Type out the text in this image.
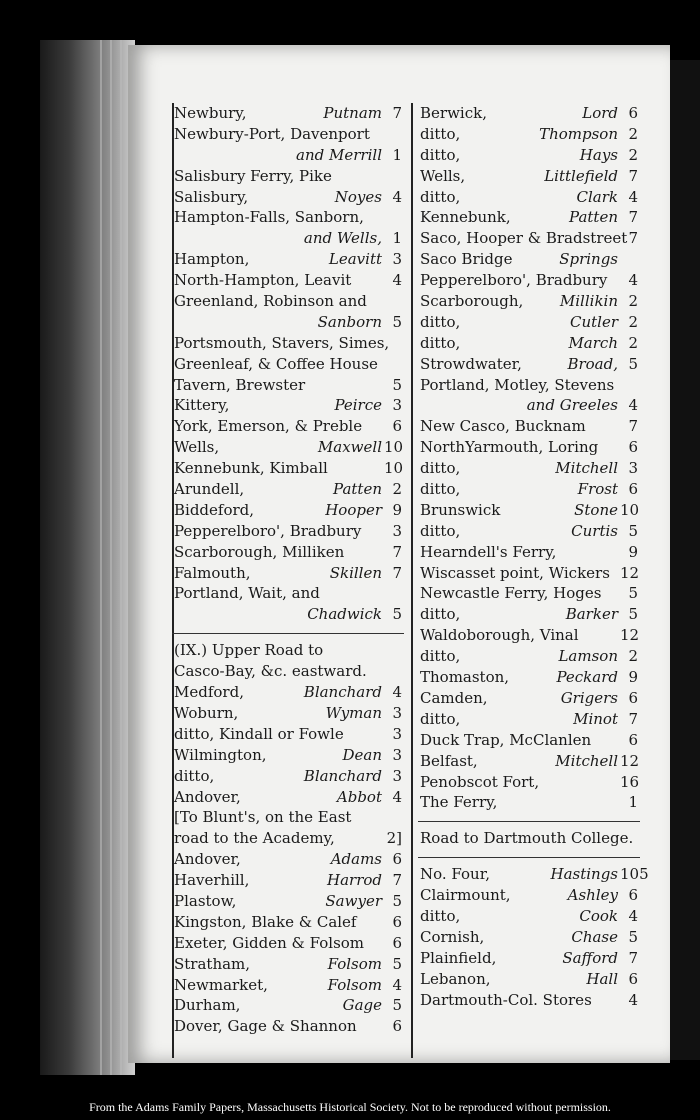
Newbury,	Putnam 7
Newbury-Port, Davenport
and Merrill 1
Salisbury Ferry, Pike
Salisbury,	Noyes 4
Hampton-Falls, Sanborn,
and Wells, 1
Hampton,	Leavitt 3
North-Hampton, Leavit	4
Greenland, Robinson and
Sanborn 5
Portsmouth, Stavers, Simes,
Greenleaf, & Coffee House
Tavern, Brewster	5
Kittery,	Peirce 3
York, Emerson, & Preble	6
Wells,	Maxwell 10
Kennebunk, Kimball	10
Arundell,	Patten 2
Biddeford,	Hooper 9
Pepperelboro', Bradbury	3
Scarborough, Milliken	7
Falmouth,	Skillen 7
Portland, Wait, and
Chadwick 5
(IX.) Upper Road to
Casco-Bay, &c. eastward.
Medford,	Blanchard 4
Woburn,	Wyman 3
ditto, Kindall or Fowle	3
Wilmington,	Dean 3
ditto,	Blanchard 3
Andover,	Abbot 4
[To Blunt's, on the East
road to the Academy,	2]
Andover,	Adams 6
Haverhill,	Harrod 7
Plastow,	Sawyer 5
Kingston, Blake & Calef	6
Exeter, Gidden & Folsom	6
Stratham,	Folsom 5
Newmarket,	Folsom 4
Durham,	Gage 5
Dover, Gage & Shannon	6
Berwick,	Lord 6
ditto,	Thompson 2
ditto,	Hays 2
Wells,	Littlefield 7
ditto,	Clark 4
Kennebunk,	Patten 7
Saco, Hooper & Bradstreet 7
Saco Bridge	Springs
Pepperelboro', Bradbury	4
Scarborough, Millikin 2
ditto,	Cutler 2
ditto,	March 2
Strowdwater,	Broad, 5
Portland, Motley, Stevens
and Greeles 4
New Casco, Bucknam	7
NorthYarmouth, Loring	6
ditto,	Mitchell 3
ditto,	Frost 6
Brunswick	Stone 10
ditto,	Curtis 5
Hearndell's Ferry,	9
Wiscasset point, Wickers 12
Newcastle Ferry, Hoges	5
ditto,	Barker 5
Waldoborough, Vinal	12
ditto,	Lamson 2
Thomaston,	Peckard 9
Camden,	Grigers 6
ditto,	Minot 7
Duck Trap, McClanlen	6
Belfast,	Mitchell 12
Penobscot Fort,	16
The Ferry,	1
Road to Dartmouth College.
No. Four,	Hastings 105
Clairmount,	Ashley 6
ditto,	Cook 4
Cornish,	Chase 5
Plainfield,	Safford 7
Lebanon,	Hall 6
Dartmouth-Col. Stores	4
From the Adams Family Papers, Massachusetts Historical Society. Not to be reproduced without permission.
